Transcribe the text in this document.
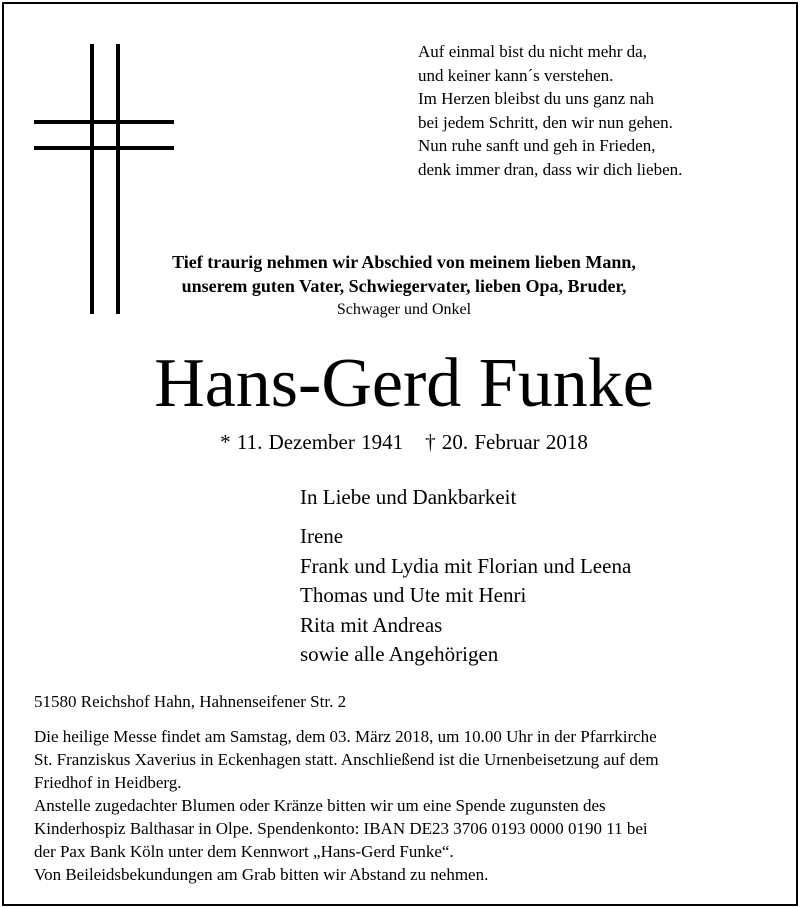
Auf einmal bist du nicht mehr da,
und keiner kann´s verstehen.
Im Herzen bleibst du uns ganz nah
bei jedem Schritt, den wir nun gehen.
Nun ruhe sanft und geh in Frieden,
denk immer dran, dass wir dich lieben.
Tief traurig nehmen wir Abschied von meinem lieben Mann,
unserem guten Vater, Schwiegervater, lieben Opa, Bruder,
Schwager und Onkel
Hans-Gerd Funke
* 11. Dezember 1941 † 20. Februar 2018
In Liebe und Dankbarkeit
Irene
Frank und Lydia mit Florian und Leena
Thomas und Ute mit Henri
Rita mit Andreas
sowie alle Angehörigen
51580 Reichshof Hahn, Hahnenseifener Str. 2
Die heilige Messe findet am Samstag, dem 03. März 2018, um 10.00 Uhr in der Pfarrkirche
St. Franziskus Xaverius in Eckenhagen statt. Anschließend ist die Urnenbeisetzung auf dem
Friedhof in Heidberg.
Anstelle zugedachter Blumen oder Kränze bitten wir um eine Spende zugunsten des
Kinderhospiz Balthasar in Olpe. Spendenkonto: IBAN DE23 3706 0193 0000 0190 11 bei
der Pax Bank Köln unter dem Kennwort „Hans-Gerd Funke“.
Von Beileidsbekundungen am Grab bitten wir Abstand zu nehmen.
